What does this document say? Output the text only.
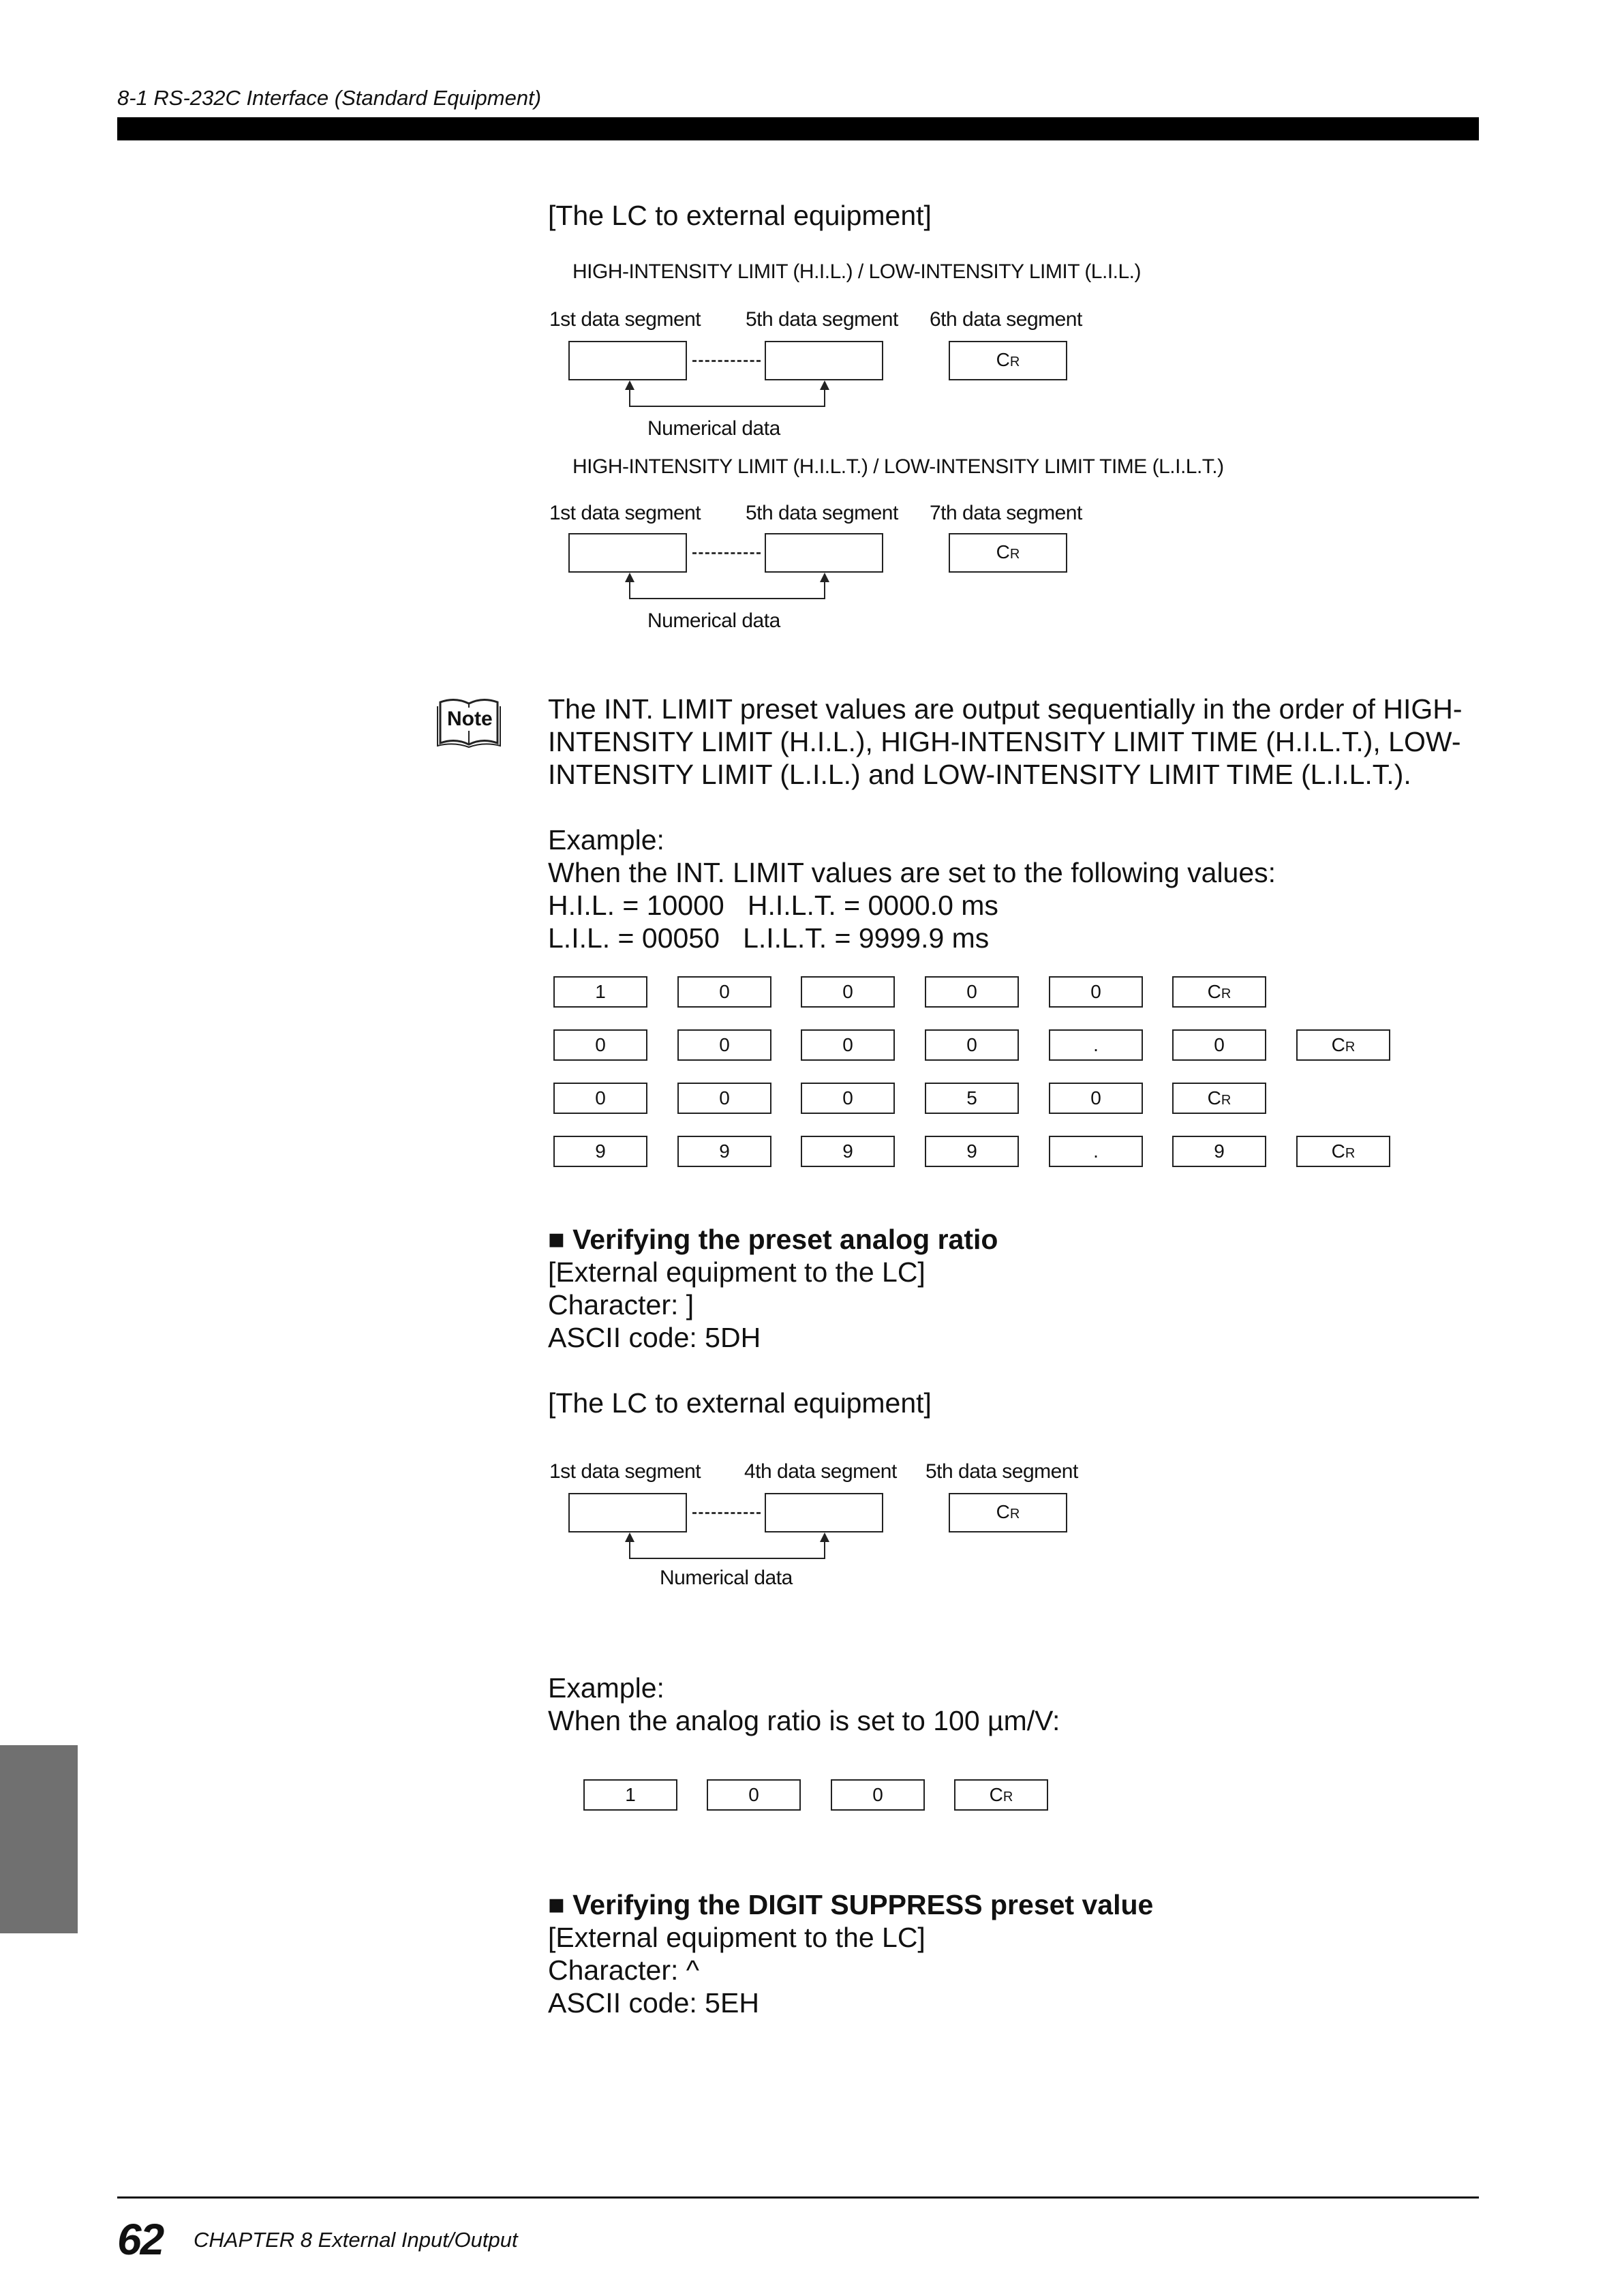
8-1 RS-232C Interface (Standard Equipment)
[The LC to external equipment]
HIGH-INTENSITY LIMIT (H.I.L.) / LOW-INTENSITY LIMIT (L.I.L.)
1st data segment 5th data segment 6th data segment
CR
Numerical data
HIGH-INTENSITY LIMIT (H.I.L.T.) / LOW-INTENSITY LIMIT TIME (L.I.L.T.)
1st data segment 5th data segment 7th data segment
CR
Numerical data
Note The INT. LIMIT preset values are output sequentially in the order of HIGH-
INTENSITY LIMIT (H.I.L.), HIGH-INTENSITY LIMIT TIME (H.I.L.T.), LOW-
INTENSITY LIMIT (L.I.L.) and LOW-INTENSITY LIMIT TIME (L.I.L.T.).
Example:
When the INT. LIMIT values are set to the following values:
H.I.L. = 10000   H.I.L.T. = 0000.0 ms
L.I.L. = 00050   L.I.L.T. = 9999.9 ms
1	0	0	0	0	CR
0	0	0	0	.	0	CR
0	0	0	5	0	CR
9	9	9	9	.	9	CR
■ Verifying the preset analog ratio
[External equipment to the LC]
Character: ]
ASCII code: 5DH
[The LC to external equipment]
1st data segment 4th data segment 5th data segment
CR
Numerical data
Example:
When the analog ratio is set to 100 µm/V:
1	0	0	CR
■ Verifying the DIGIT SUPPRESS preset value
[External equipment to the LC]
Character: ^
ASCII code: 5EH
62 CHAPTER 8 External Input/Output
